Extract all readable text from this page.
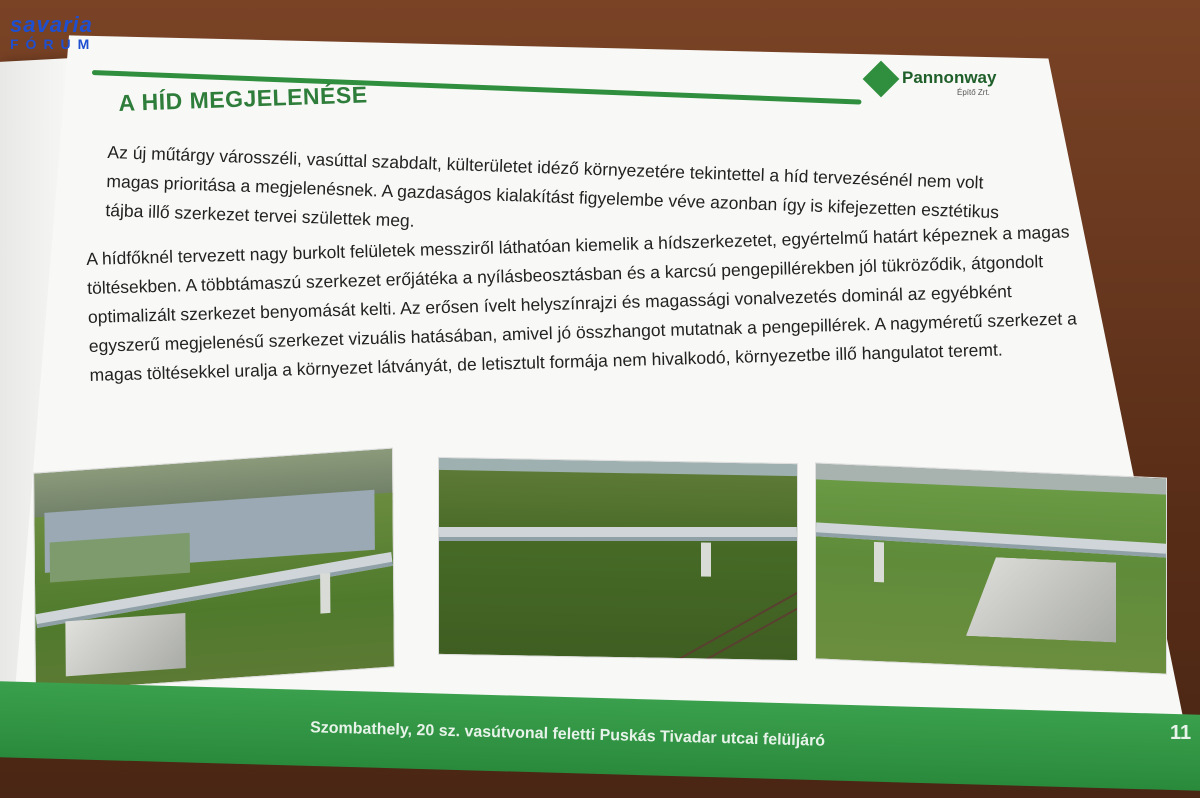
Pannonway
Építő Zrt.
A HÍD MEGJELENÉSE
Az új műtárgy városszéli, vasúttal szabdalt, külterületet idéző környezetére tekintettel a híd tervezésénél nem volt magas prioritása a megjelenésnek. A gazdaságos kialakítást figyelembe véve azonban így is kifejezetten esztétikus tájba illő szerkezet tervei születtek meg.
A hídfőknél tervezett nagy burkolt felületek messziről láthatóan kiemelik a hídszerkezetet, egyértelmű határt képeznek a magas töltésekben. A többtámaszú szerkezet erőjátéka a nyílásbeosztásban és a karcsú pengepillérekben jól tükröződik, átgondolt optimalizált szerkezet benyomását kelti. Az erősen ívelt helyszínrajzi és magassági vonalvezetés dominál az egyébként egyszerű megjelenésű szerkezet vizuális hatásában, amivel jó összhangot mutatnak a pengepillérek. A nagyméretű szerkezet a magas töltésekkel uralja a környezet látványát, de letisztult formája nem hivalkodó, környezetbe illő hangulatot teremt.
Szombathely, 20 sz. vasútvonal feletti Puskás Tivadar utcai felüljáró	11
savaria
FÓRUM
